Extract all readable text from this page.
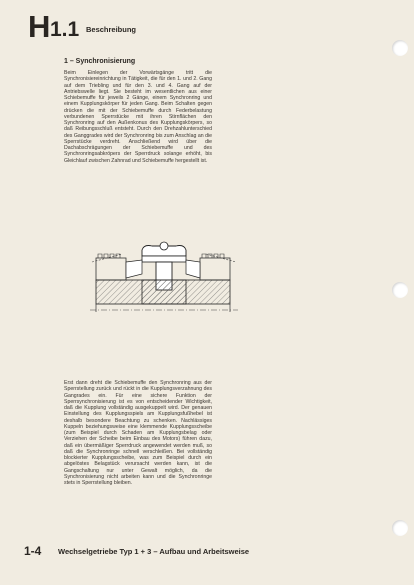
H 1.1 Beschreibung
1 – Synchronisierung
Beim Einlegen der Vorwärtsgänge tritt die Synchronisiereinrichtung in Tätigkeit, die für den 1. und 2. Gang auf dem Triebling und für den 3. und 4. Gang auf der Antriebswelle liegt. Sie besteht im wesentlichen aus einer Schiebemuffe für jeweils 2 Gänge, einem Synchronring und einem Kupplungskörper für jeden Gang. Beim Schalten gegen drücken die mit der Schiebemuffe durch Federbelastung verbundenen Sperrstücke mit ihren Stirnflächen den Synchronring auf den Außenkonus des Kupplungskörpers, so daß Reibungsschluß entsteht. Durch den Drehzahlunterschied des Ganggrades wird der Synchronring bis zum Anschlag an die Sperrstücke verdreht. Anschließend wird über die Dachabschrägungen der Schiebemuffe und des Synchronringsabkröpers der Sperrdruck solange erhöht, bis Gleichlauf zwischen Zahnrad und Schiebemuffe hergestellt ist.
Erst dann dreht die Schiebemuffe den Synchronring aus der Sperrstellung zurück und rückt in die Kupplungsverzahnung des Gangrades ein. Für eine sichere Funktion der Sperrsynchronisierung ist es von entscheidender Wichtigkeit, daß die Kupplung vollständig ausgekuppelt wird. Der genauen Einstellung des Kupplungsspiels am Kupplungsfußhebel ist deshalb besondere Beachtung zu schenken. Nachlässiges Kuppeln beziehungsweise eine klemmende Kupplungsscheibe (zum Beispiel durch Schaden am Kupplungsbelag oder Verziehen der Scheibe beim Einbau des Motors) führen dazu, daß ein übermäßiger Sperrdruck angewendet werden muß, so daß die Synchronringe schnell verschleißen. Bei vollständig blockierter Kupplungsscheibe, was zum Beispiel durch ein abgelöstes Belagstück verursacht werden kann, ist die Gangschaltung nur unter Gewalt möglich, da die Synchronisierung nicht arbeiten kann und die Synchronringe stets in Sperrstellung bleiben.
1-4 Wechselgetriebe Typ 1 + 3 – Aufbau und Arbeitsweise
